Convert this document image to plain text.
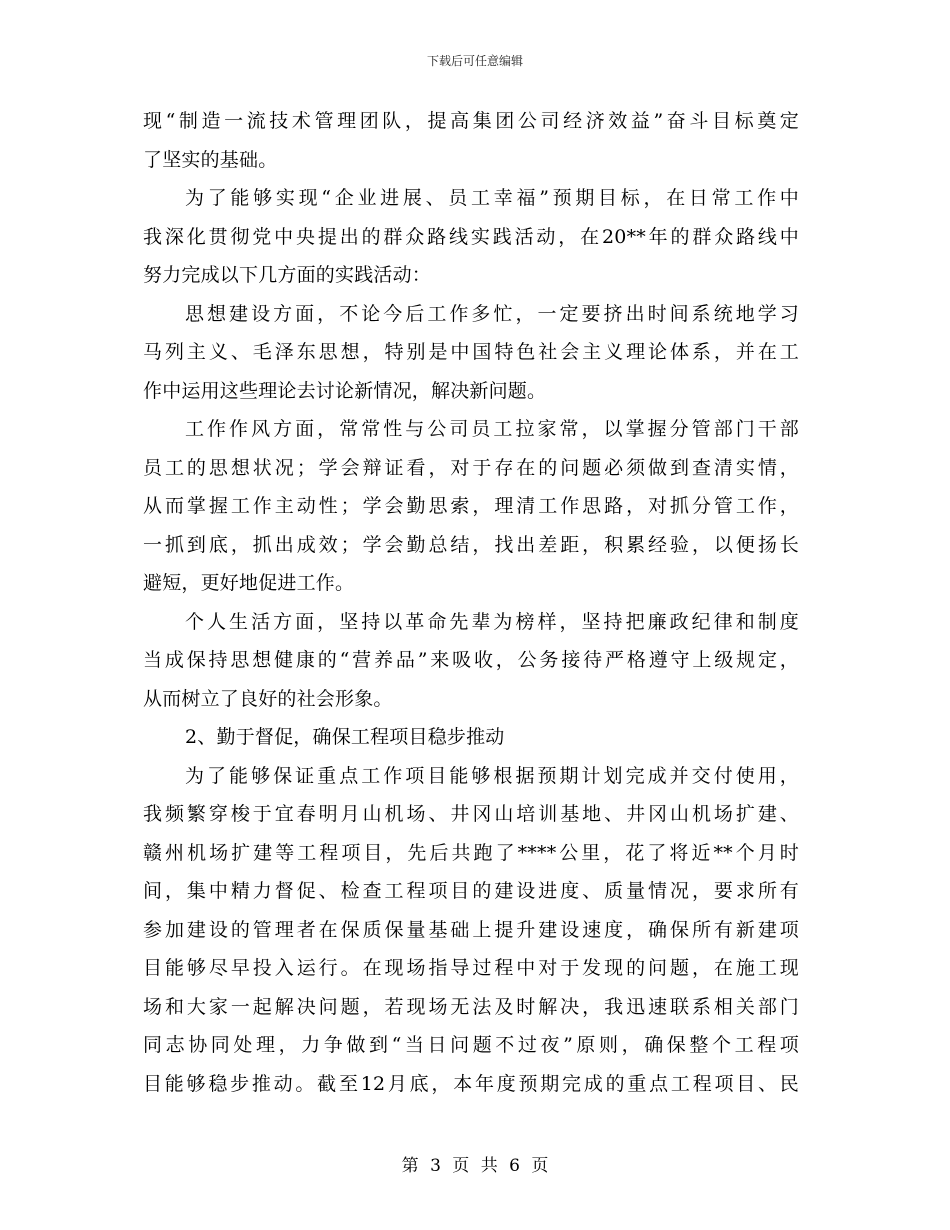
下载后可任意编辑
现“制造一流技术管理团队，提高集团公司经济效益”奋斗目标奠定
了坚实的基础。
为了能够实现“企业进展、员工幸福”预期目标，在日常工作中
我深化贯彻党中央提出的群众路线实践活动，在20**年的群众路线中
努力完成以下几方面的实践活动：
思想建设方面，不论今后工作多忙，一定要挤出时间系统地学习
马列主义、毛泽东思想，特别是中国特色社会主义理论体系，并在工
作中运用这些理论去讨论新情况，解决新问题。
工作作风方面，常常性与公司员工拉家常，以掌握分管部门干部
员工的思想状况；学会辩证看，对于存在的问题必须做到查清实情，
从而掌握工作主动性；学会勤思索，理清工作思路，对抓分管工作，
一抓到底，抓出成效；学会勤总结，找出差距，积累经验，以便扬长
避短，更好地促进工作。
个人生活方面，坚持以革命先辈为榜样，坚持把廉政纪律和制度
当成保持思想健康的“营养品”来吸收，公务接待严格遵守上级规定，
从而树立了良好的社会形象。
2、勤于督促，确保工程项目稳步推动
为了能够保证重点工作项目能够根据预期计划完成并交付使用，
我频繁穿梭于宜春明月山机场、井冈山培训基地、井冈山机场扩建、
赣州机场扩建等工程项目，先后共跑了****公里，花了将近**个月时
间，集中精力督促、检查工程项目的建设进度、质量情况，要求所有
参加建设的管理者在保质保量基础上提升建设速度，确保所有新建项
目能够尽早投入运行。在现场指导过程中对于发现的问题，在施工现
场和大家一起解决问题，若现场无法及时解决，我迅速联系相关部门
同志协同处理，力争做到“当日问题不过夜”原则，确保整个工程项
目能够稳步推动。截至12月底，本年度预期完成的重点工程项目、民
第 3 页 共 6 页
